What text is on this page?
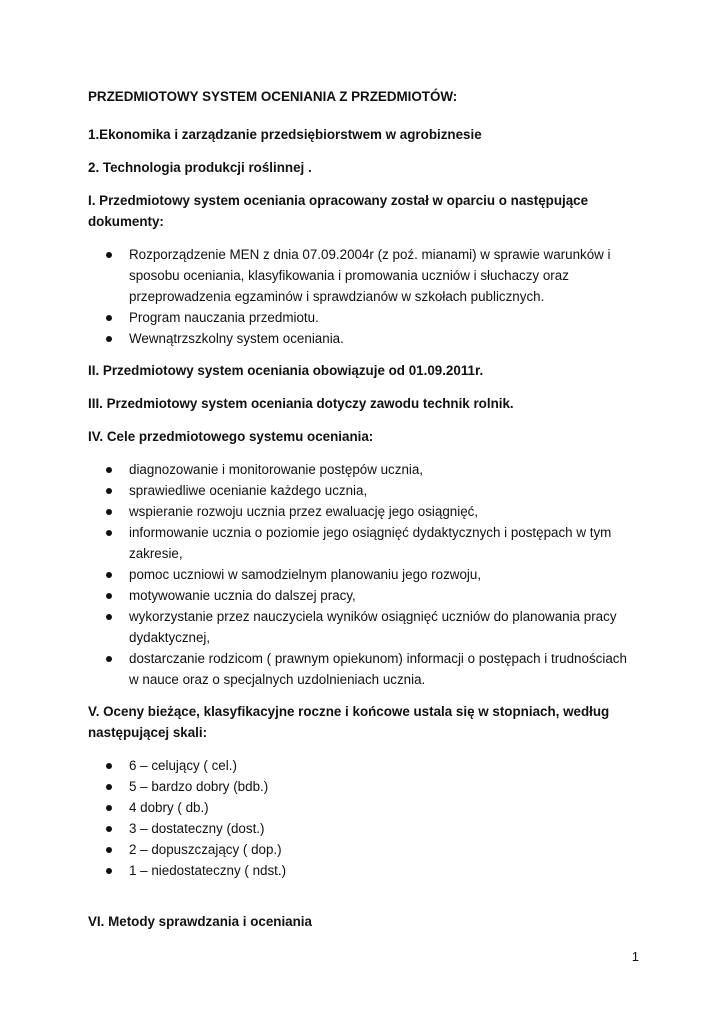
PRZEDMIOTOWY SYSTEM OCENIANIA Z PRZEDMIOTÓW:

1.Ekonomika i zarządzanie przedsiębiorstwem w agrobiznesie

2. Technologia produkcji roślinnej .

I. Przedmiotowy system oceniania opracowany został w oparciu o następujące dokumenty:

Rozporządzenie MEN z dnia 07.09.2004r (z poź. mianami) w sprawie warunków i sposobu oceniania, klasyfikowania i promowania uczniów i słuchaczy oraz przeprowadzenia egzaminów i sprawdzianów w szkołach publicznych.
Program nauczania przedmiotu.
Wewnątrzszkolny system oceniania.

II. Przedmiotowy system oceniania obowiązuje od 01.09.2011r.

III. Przedmiotowy system oceniania dotyczy zawodu technik rolnik.

IV. Cele przedmiotowego systemu oceniania:

diagnozowanie i monitorowanie postępów ucznia,
sprawiedliwe ocenianie każdego ucznia,
wspieranie rozwoju ucznia przez ewaluację jego osiągnięć,
informowanie ucznia o poziomie jego osiągnięć dydaktycznych i postępach w tym zakresie,
pomoc uczniowi w samodzielnym planowaniu jego rozwoju,
motywowanie ucznia do dalszej pracy,
wykorzystanie przez nauczyciela wyników osiągnięć uczniów do planowania pracy dydaktycznej,
dostarczanie rodzicom ( prawnym opiekunom) informacji o postępach i trudnościach w nauce oraz o specjalnych uzdolnieniach ucznia.

V. Oceny bieżące, klasyfikacyjne roczne i końcowe ustala się w stopniach, według następującej skali:

6 – celujący ( cel.)
5 – bardzo dobry (bdb.)
4 dobry ( db.)
3 – dostateczny (dost.)
2 – dopuszczający ( dop.)
1 – niedostateczny ( ndst.)

VI. Metody sprawdzania i oceniania

1
